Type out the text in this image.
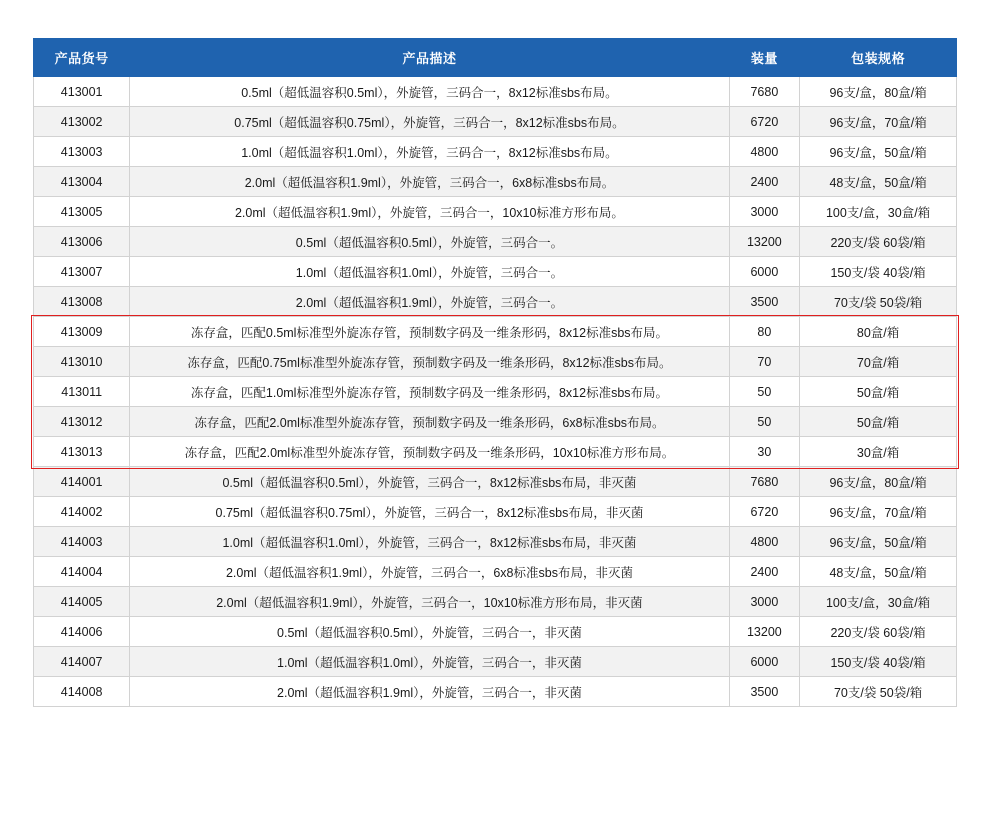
产品货号	产品描述	装量	包装规格
413001	0.5ml（超低温容积0.5ml），外旋管，三码合一，8x12标准sbs布局。	7680	96支/盒，80盒/箱
413002	0.75ml（超低温容积0.75ml），外旋管，三码合一，8x12标准sbs布局。	6720	96支/盒，70盒/箱
413003	1.0ml（超低温容积1.0ml），外旋管，三码合一，8x12标准sbs布局。	4800	96支/盒，50盒/箱
413004	2.0ml（超低温容积1.9ml），外旋管，三码合一，6x8标准sbs布局。	2400	48支/盒，50盒/箱
413005	2.0ml（超低温容积1.9ml），外旋管，三码合一，10x10标准方形布局。	3000	100支/盒，30盒/箱
413006	0.5ml（超低温容积0.5ml），外旋管，三码合一。	13200	220支/袋 60袋/箱
413007	1.0ml（超低温容积1.0ml），外旋管，三码合一。	6000	150支/袋 40袋/箱
413008	2.0ml（超低温容积1.9ml），外旋管，三码合一。	3500	70支/袋 50袋/箱
413009	冻存盒，匹配0.5ml标准型外旋冻存管，预制数字码及一维条形码，8x12标准sbs布局。	80	80盒/箱
413010	冻存盒，匹配0.75ml标准型外旋冻存管，预制数字码及一维条形码，8x12标准sbs布局。	70	70盒/箱
413011	冻存盒，匹配1.0ml标准型外旋冻存管，预制数字码及一维条形码，8x12标准sbs布局。	50	50盒/箱
413012	冻存盒，匹配2.0ml标准型外旋冻存管，预制数字码及一维条形码，6x8标准sbs布局。	50	50盒/箱
413013	冻存盒，匹配2.0ml标准型外旋冻存管，预制数字码及一维条形码，10x10标准方形布局。	30	30盒/箱
414001	0.5ml（超低温容积0.5ml），外旋管，三码合一，8x12标准sbs布局，非灭菌	7680	96支/盒，80盒/箱
414002	0.75ml（超低温容积0.75ml），外旋管，三码合一，8x12标准sbs布局，非灭菌	6720	96支/盒，70盒/箱
414003	1.0ml（超低温容积1.0ml），外旋管，三码合一，8x12标准sbs布局，非灭菌	4800	96支/盒，50盒/箱
414004	2.0ml（超低温容积1.9ml），外旋管，三码合一，6x8标准sbs布局，非灭菌	2400	48支/盒，50盒/箱
414005	2.0ml（超低温容积1.9ml），外旋管，三码合一，10x10标准方形布局，非灭菌	3000	100支/盒，30盒/箱
414006	0.5ml（超低温容积0.5ml），外旋管，三码合一，非灭菌	13200	220支/袋 60袋/箱
414007	1.0ml（超低温容积1.0ml），外旋管，三码合一，非灭菌	6000	150支/袋 40袋/箱
414008	2.0ml（超低温容积1.9ml），外旋管，三码合一，非灭菌	3500	70支/袋 50袋/箱
